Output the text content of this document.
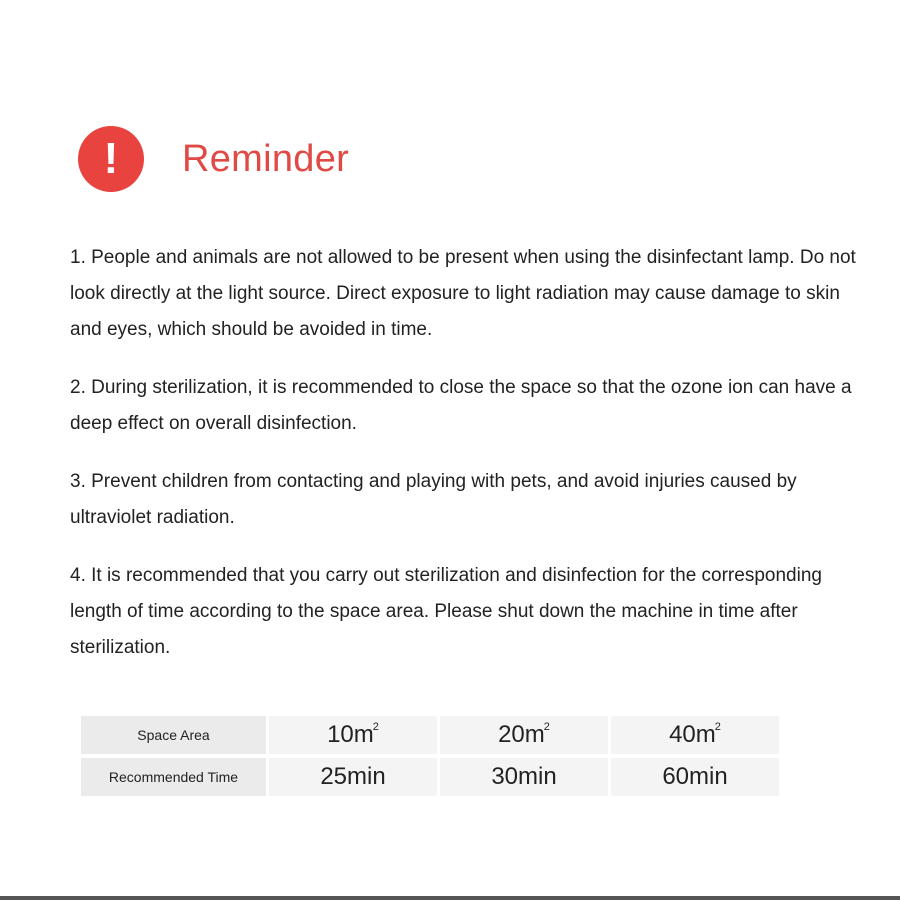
! Reminder

1. People and animals are not allowed to be present when using the disinfectant lamp. Do not look directly at the light source. Direct exposure to light radiation may cause damage to skin and eyes, which should be avoided in time.

2. During sterilization, it is recommended to close the space so that the ozone ion can have a deep effect on overall disinfection.

3. Prevent children from contacting and playing with pets, and avoid injuries caused by ultraviolet radiation.

4. It is recommended that you carry out sterilization and disinfection for the corresponding length of time according to the space area. Please shut down the machine in time after sterilization.

Space Area	$10m^2$	$20m^2$	$40m^2$
Recommended Time	25min	30min	60min
